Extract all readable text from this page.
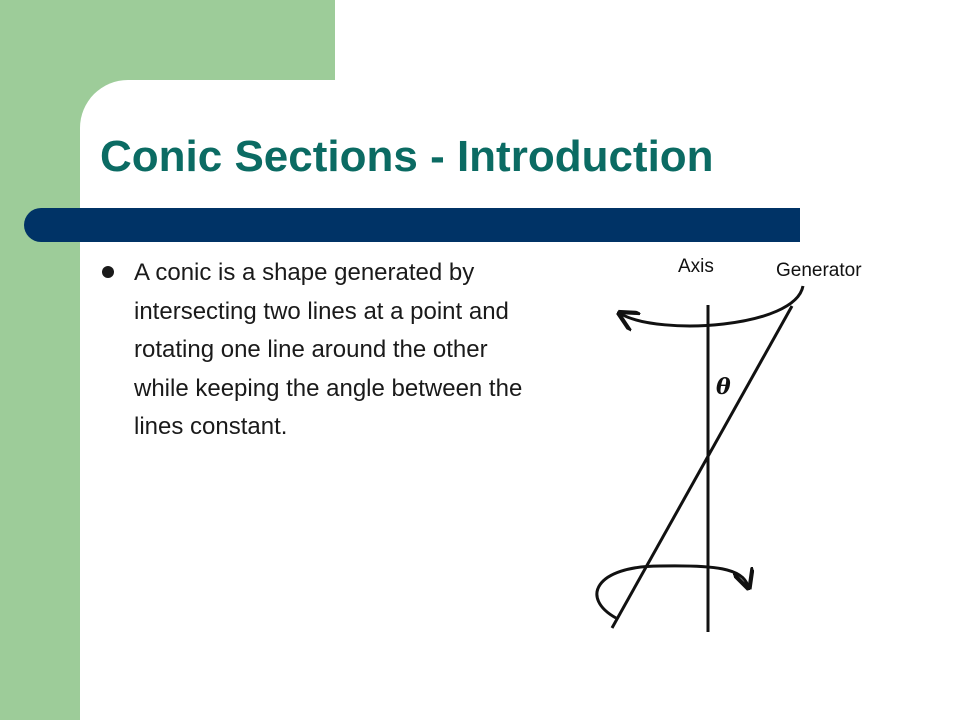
Conic Sections - Introduction
A conic is a shape generated by intersecting two lines at a point and rotating one line around the other while keeping the angle between the lines constant.
Axis	Generator
θ
